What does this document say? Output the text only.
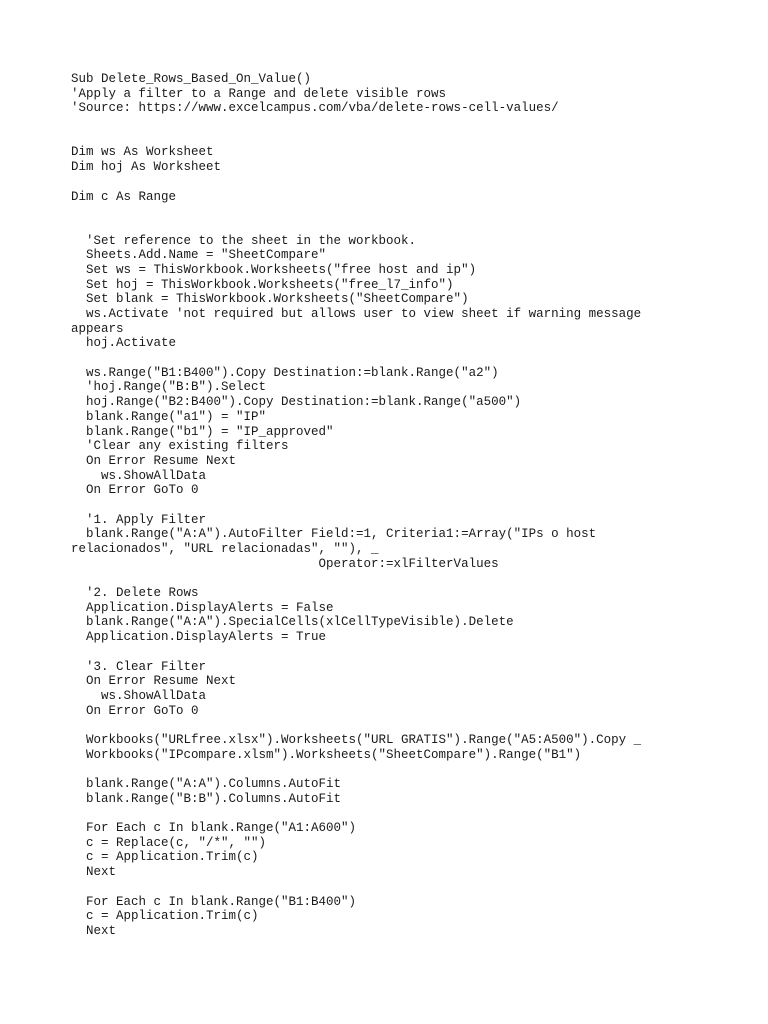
Sub Delete_Rows_Based_On_Value()
'Apply a filter to a Range and delete visible rows
'Source: https://www.excelcampus.com/vba/delete-rows-cell-values/
Dim ws As Worksheet
Dim hoj As Worksheet
Dim c As Range
'Set reference to the sheet in the workbook.
Sheets.Add.Name = "SheetCompare"
Set ws = ThisWorkbook.Worksheets("free host and ip")
Set hoj = ThisWorkbook.Worksheets("free_l7_info")
Set blank = ThisWorkbook.Worksheets("SheetCompare")
ws.Activate 'not required but allows user to view sheet if warning message
appears
hoj.Activate
ws.Range("B1:B400").Copy Destination:=blank.Range("a2")
'hoj.Range("B:B").Select
hoj.Range("B2:B400").Copy Destination:=blank.Range("a500")
blank.Range("a1") = "IP"
blank.Range("b1") = "IP_approved"
'Clear any existing filters
On Error Resume Next
ws.ShowAllData
On Error GoTo 0
'1. Apply Filter
blank.Range("A:A").AutoFilter Field:=1, Criteria1:=Array("IPs o host
relacionados", "URL relacionadas", ""), _
Operator:=xlFilterValues
'2. Delete Rows
Application.DisplayAlerts = False
blank.Range("A:A").SpecialCells(xlCellTypeVisible).Delete
Application.DisplayAlerts = True
'3. Clear Filter
On Error Resume Next
ws.ShowAllData
On Error GoTo 0
Workbooks("URLfree.xlsx").Worksheets("URL GRATIS").Range("A5:A500").Copy _
Workbooks("IPcompare.xlsm").Worksheets("SheetCompare").Range("B1")
blank.Range("A:A").Columns.AutoFit
blank.Range("B:B").Columns.AutoFit
For Each c In blank.Range("A1:A600")
c = Replace(c, "/*", "")
c = Application.Trim(c)
Next
For Each c In blank.Range("B1:B400")
c = Application.Trim(c)
Next
